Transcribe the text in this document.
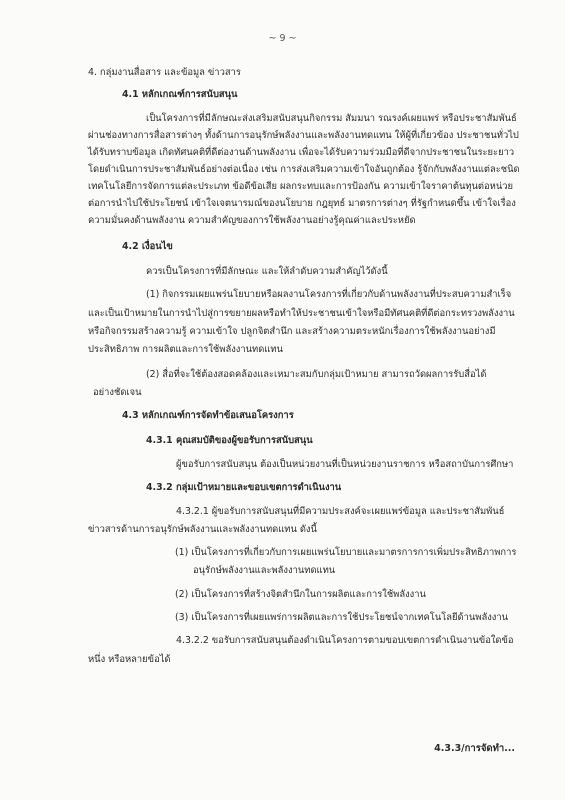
~ 9 ~
4. กลุ่มงานสื่อสาร และข้อมูล ข่าวสาร
4.1 หลักเกณฑ์การสนับสนุน
เป็นโครงการที่มีลักษณะส่งเสริมสนับสนุนกิจกรรม สัมมนา รณรงค์เผยแพร่ หรือประชาสัมพันธ์
ผ่านช่องทางการสื่อสารต่างๆ ทั้งด้านการอนุรักษ์พลังงานและพลังงานทดแทน ให้ผู้ที่เกี่ยวข้อง ประชาชนทั่วไป
ได้รับทราบข้อมูล เกิดทัศนคติที่ดีต่องานด้านพลังงาน เพื่อจะได้รับความร่วมมือที่ดีจากประชาชนในระยะยาว
โดยดำเนินการประชาสัมพันธ์อย่างต่อเนื่อง เช่น การส่งเสริมความเข้าใจอันถูกต้อง รู้จักกับพลังงานแต่ละชนิด
เทคโนโลยีการจัดการแต่ละประเภท ข้อดีข้อเสีย ผลกระทบและการป้องกัน ความเข้าใจราคาต้นทุนต่อหน่วย
ต่อการนำไปใช้ประโยชน์ เข้าใจเจตนารมณ์ของนโยบาย กฎยุทธ์ มาตรการต่างๆ ที่รัฐกำหนดขึ้น เข้าใจเรื่อง
ความมั่นคงด้านพลังงาน ความสำคัญของการใช้พลังงานอย่างรู้คุณค่าและประหยัด
4.2 เงื่อนไข
ควรเป็นโครงการที่มีลักษณะ และให้ลำดับความสำคัญไว้ดังนี้
(1) กิจกรรมเผยแพร่นโยบายหรือผลงานโครงการที่เกี่ยวกับด้านพลังงานที่ประสบความสำเร็จ
และเป็นเป้าหมายในการนำไปสู่การขยายผลหรือทำให้ประชาชนเข้าใจหรือมีทัศนคติที่ดีต่อกระทรวงพลังงาน
หรือกิจกรรมสร้างความรู้ ความเข้าใจ ปลูกจิตสำนึก และสร้างความตระหนักเรื่องการใช้พลังงานอย่างมี
ประสิทธิภาพ การผลิตและการใช้พลังงานทดแทน
(2) สื่อที่จะใช้ต้องสอดคล้องและเหมาะสมกับกลุ่มเป้าหมาย สามารถวัดผลการรับสื่อได้
อย่างชัดเจน
4.3 หลักเกณฑ์การจัดทำข้อเสนอโครงการ
4.3.1 คุณสมบัติของผู้ขอรับการสนับสนุน
ผู้ขอรับการสนับสนุน ต้องเป็นหน่วยงานที่เป็นหน่วยงานราชการ หรือสถาบันการศึกษา
4.3.2 กลุ่มเป้าหมายและขอบเขตการดำเนินงาน
4.3.2.1 ผู้ขอรับการสนับสนุนที่มีความประสงค์จะเผยแพร่ข้อมูล และประชาสัมพันธ์
ข่าวสารด้านการอนุรักษ์พลังงานและพลังงานทดแทน ดังนี้
(1) เป็นโครงการที่เกี่ยวกับการเผยแพร่นโยบายและมาตรการการเพิ่มประสิทธิภาพการ
อนุรักษ์พลังงานและพลังงานทดแทน
(2) เป็นโครงการที่สร้างจิตสำนึกในการผลิตและการใช้พลังงาน
(3) เป็นโครงการที่เผยแพร่การผลิตและการใช้ประโยชน์จากเทคโนโลยีด้านพลังงาน
4.3.2.2 ขอรับการสนับสนุนต้องดำเนินโครงการตามขอบเขตการดำเนินงานข้อใดข้อ
หนึ่ง หรือหลายข้อได้
4.3.3/การจัดทำ...
